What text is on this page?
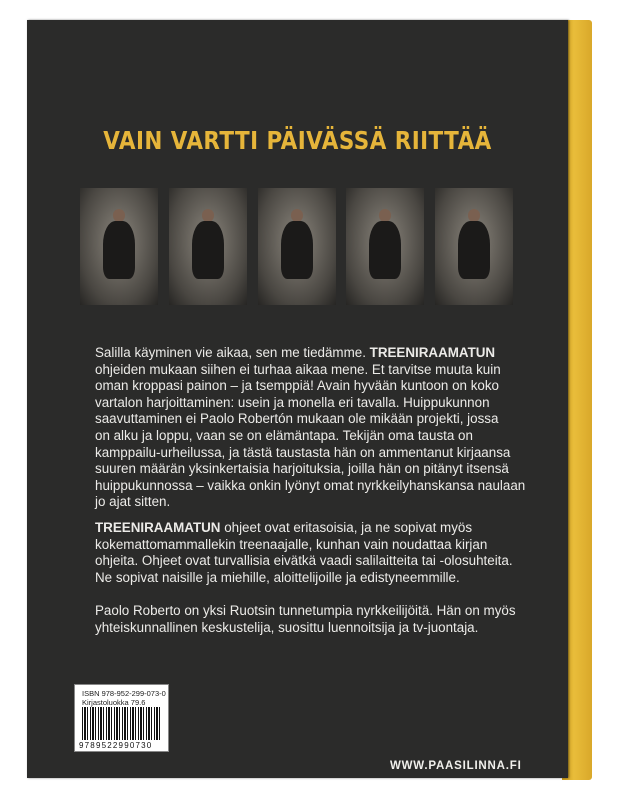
VAIN VARTTI PÄIVÄSSÄ RIITTÄÄ
Salilla käyminen vie aikaa, sen me tiedämme. TREENIRAAMATUN
ohjeiden mukaan siihen ei turhaa aikaa mene. Et tarvitse muuta kuin
oman kroppasi painon – ja tsemppiä! Avain hyvään kuntoon on koko
vartalon harjoittaminen: usein ja monella eri tavalla. Huippukunnon
saavuttaminen ei Paolo Robertón mukaan ole mikään projekti, jossa
on alku ja loppu, vaan se on elämäntapa. Tekijän oma tausta on
kamppailu-urheilussa, ja tästä taustasta hän on ammentanut kirjaansa
suuren määrän yksinkertaisia harjoituksia, joilla hän on pitänyt itsensä
huippukunnossa – vaikka onkin lyönyt omat nyrkkeilyhanskansa naulaan
jo ajat sitten.
TREENIRAAMATUN ohjeet ovat eritasoisia, ja ne sopivat myös
kokemattomammallekin treenaajalle, kunhan vain noudattaa kirjan
ohjeita. Ohjeet ovat turvallisia eivätkä vaadi salilaitteita tai -olosuhteita.
Ne sopivat naisille ja miehille, aloittelijoille ja edistyneemmille.
Paolo Roberto on yksi Ruotsin tunnetumpia nyrkkeilijöitä. Hän on myös
yhteiskunnallinen keskustelija, suosittu luennoitsija ja tv-juontaja.
ISBN 978-952-299-073-0
Kirjastoluokka 79.6
9789522990730
WWW.PAASILINNA.FI
